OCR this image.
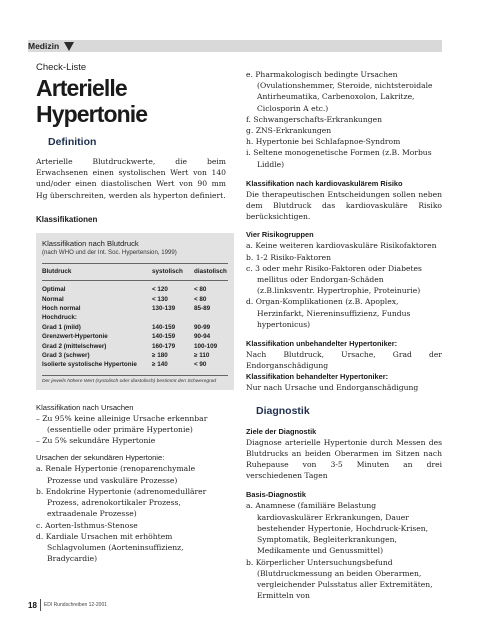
Medizin
Check-Liste
Arterielle Hypertonie
Definition
Arterielle Blutdruckwerte, die beim Erwachsenen einen systolischen Wert von 140 und/oder einen diastolischen Wert von 90 mm Hg überschreiten, werden als hyperton definiert.
Klassifikationen
Klassifikation nach Blutdruck
(nach WHO und der Int. Soc. Hypertension, 1999)
Blutdruck	systolisch	diastolisch
Optimal	< 120	< 80
Normal	< 130	< 80
Hoch normal	130-139	85-89
Hochdruck:
Grad 1 (mild)	140-159	90-99
Grenzwert-Hypertonie	140-159	90-94
Grad 2 (mittelschwer)	160-179	100-109
Grad 3 (schwer)	≥ 180	≥ 110
Isolierte systolische Hypertonie	≥ 140	< 90
Der jeweils höhere Wert (systolisch oder diastolisch) bestimmt den Schweregrad
Klassifikation nach Ursachen
– Zu 95% keine alleinige Ursache erkennbar (essentielle oder primäre Hypertonie)
– Zu 5% sekundäre Hypertonie
Ursachen der sekundären Hypertonie:
a. Renale Hypertonie (renoparenchymale Prozesse und vaskuläre Prozesse)
b. Endokrine Hypertonie (adrenomedullärer Prozess, adrenokortikaler Prozess, extraadenale Prozesse)
c. Aorten-Isthmus-Stenose
d. Kardiale Ursachen mit erhöhtem Schlagvolumen (Aorteninsuffizienz, Bradycardie)
e. Pharmakologisch bedingte Ursachen (Ovulationshemmer, Steroide, nichtsteroidale Antirheumatika, Carbenoxolon, Lakritze, Ciclosporin A etc.)
f. Schwangerschafts-Erkrankungen
g. ZNS-Erkrankungen
h. Hypertonie bei Schlafapnoe-Syndrom
i. Seltene monogenetische Formen (z.B. Morbus Liddle)
Klassifikation nach kardiovaskulärem Risiko
Die therapeutischen Entscheidungen sollen neben dem Blutdruck das kardiovaskuläre Risiko berücksichtigen.
Vier Risikogruppen
a. Keine weiteren kardiovaskuläre Risikofaktoren
b. 1-2 Risiko-Faktoren
c. 3 oder mehr Risiko-Faktoren oder Diabetes mellitus oder Endorgan-Schäden (z.B.linksventr. Hypertrophie, Proteinurie)
d. Organ-Komplikationen (z.B. Apoplex, Herzinfarkt, Niereninsuffizienz, Fundus hypertonicus)
Klassifikation unbehandelter Hypertoniker:
Nach Blutdruck, Ursache, Grad der Endorganschädigung
Klassifikation behandelter Hypertoniker:
Nur nach Ursache und Endorganschädigung
Diagnostik
Ziele der Diagnostik
Diagnose arterielle Hypertonie durch Messen des Blutdrucks an beiden Oberarmen im Sitzen nach Ruhepause von 3-5 Minuten an drei verschiedenen Tagen
Basis-Diagnostik
a. Anamnese (familiäre Belastung kardiovaskulärer Erkrankungen, Dauer bestehender Hypertonie, Hochdruck-Krisen, Symptomatik, Begleiterkrankungen, Medikamente und Genussmittel)
b. Körperlicher Untersuchungsbefund (Blutdruckmessung an beiden Oberarmen, vergleichender Pulsstatus aller Extremitäten, Ermitteln von
18 EDI Rundschreiben 12-2001
